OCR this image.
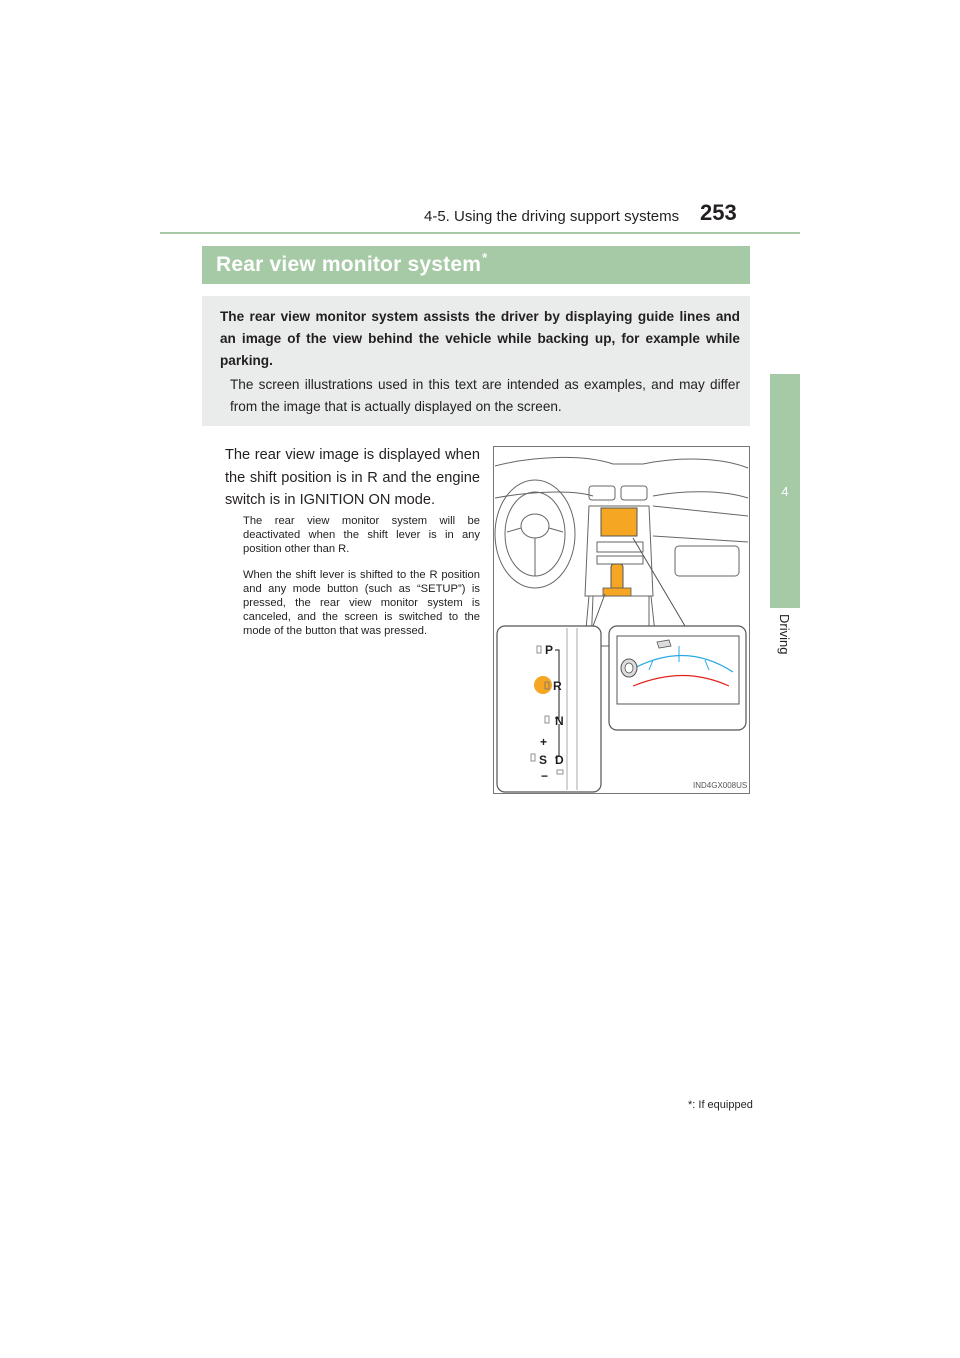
4-5. Using the driving support systems 253
4
Driving
Rear view monitor system*
The rear view monitor system assists the driver by displaying guide lines and an image of the view behind the vehicle while backing up, for example while parking.
The screen illustrations used in this text are intended as examples, and may differ from the image that is actually displayed on the screen.
The rear view image is displayed when the shift position is in R and the engine switch is in IGNITION ON mode.
The rear view monitor system will be deactivated when the shift lever is in any position other than R.
When the shift lever is shifted to the R position and any mode button (such as “SETUP”) is pressed, the rear view monitor system is canceled, and the screen is switched to the mode of the button that was pressed.
P
R
N
+
S D
−
IND4GX008US
*: If equipped
